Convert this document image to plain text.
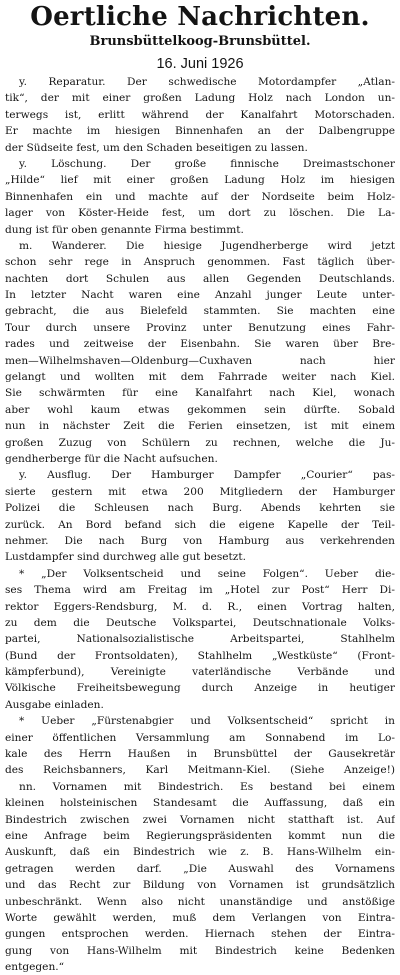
Oertliche Nachrichten.
Brunsbüttelkoog-Brunsbüttel.
16. Juni 1926
y. Reparatur. Der schwedische Motordampfer „Atlan-
tik“, der mit einer großen Ladung Holz nach London un-
terwegs ist, erlitt während der Kanalfahrt Motorschaden.
Er machte im hiesigen Binnenhafen an der Dalbengruppe
der Südseite fest, um den Schaden beseitigen zu lassen.
y. Löschung. Der große finnische Dreimastschoner
„Hilde“ lief mit einer großen Ladung Holz im hiesigen
Binnenhafen ein und machte auf der Nordseite beim Holz-
lager von Köster-Heide fest, um dort zu löschen. Die La-
dung ist für oben genannte Firma bestimmt.
m. Wanderer. Die hiesige Jugendherberge wird jetzt
schon sehr rege in Anspruch genommen. Fast täglich über-
nachten dort Schulen aus allen Gegenden Deutschlands.
In letzter Nacht waren eine Anzahl junger Leute unter-
gebracht, die aus Bielefeld stammten. Sie machten eine
Tour durch unsere Provinz unter Benutzung eines Fahr-
rades und zeitweise der Eisenbahn. Sie waren über Bre-
men—Wilhelmshaven—Oldenburg—Cuxhaven nach hier
gelangt und wollten mit dem Fahrrade weiter nach Kiel.
Sie schwärmten für eine Kanalfahrt nach Kiel, wonach
aber wohl kaum etwas gekommen sein dürfte. Sobald
nun in nächster Zeit die Ferien einsetzen, ist mit einem
großen Zuzug von Schülern zu rechnen, welche die Ju-
gendherberge für die Nacht aufsuchen.
y. Ausflug. Der Hamburger Dampfer „Courier“ pas-
sierte gestern mit etwa 200 Mitgliedern der Hamburger
Polizei die Schleusen nach Burg. Abends kehrten sie
zurück. An Bord befand sich die eigene Kapelle der Teil-
nehmer. Die nach Burg von Hamburg aus verkehrenden
Lustdampfer sind durchweg alle gut besetzt.
* „Der Volksentscheid und seine Folgen“. Ueber die-
ses Thema wird am Freitag im „Hotel zur Post“ Herr Di-
rektor Eggers-Rendsburg, M. d. R., einen Vortrag halten,
zu dem die Deutsche Volkspartei, Deutschnationale Volks-
partei, Nationalsozialistische Arbeitspartei, Stahlhelm
(Bund der Frontsoldaten), Stahlhelm „Westküste“ (Front-
kämpferbund), Vereinigte vaterländische Verbände und
Völkische Freiheitsbewegung durch Anzeige in heutiger
Ausgabe einladen.
* Ueber „Fürstenabgier und Volksentscheid“ spricht in
einer öffentlichen Versammlung am Sonnabend im Lo-
kale des Herrn Haußen in Brunsbüttel der Gausekretär
des Reichsbanners, Karl Meitmann-Kiel. (Siehe Anzeige!)
nn. Vornamen mit Bindestrich. Es bestand bei einem
kleinen holsteinischen Standesamt die Auffassung, daß ein
Bindestrich zwischen zwei Vornamen nicht statthaft ist. Auf
eine Anfrage beim Regierungspräsidenten kommt nun die
Auskunft, daß ein Bindestrich wie z. B. Hans-Wilhelm ein-
getragen werden darf. „Die Auswahl des Vornamens
und das Recht zur Bildung von Vornamen ist grundsätzlich
unbeschränkt. Wenn also nicht unanständige und anstößige
Worte gewählt werden, muß dem Verlangen von Eintra-
gungen entsprochen werden. Hiernach stehen der Eintra-
gung von Hans-Wilhelm mit Bindestrich keine Bedenken
entgegen.“
